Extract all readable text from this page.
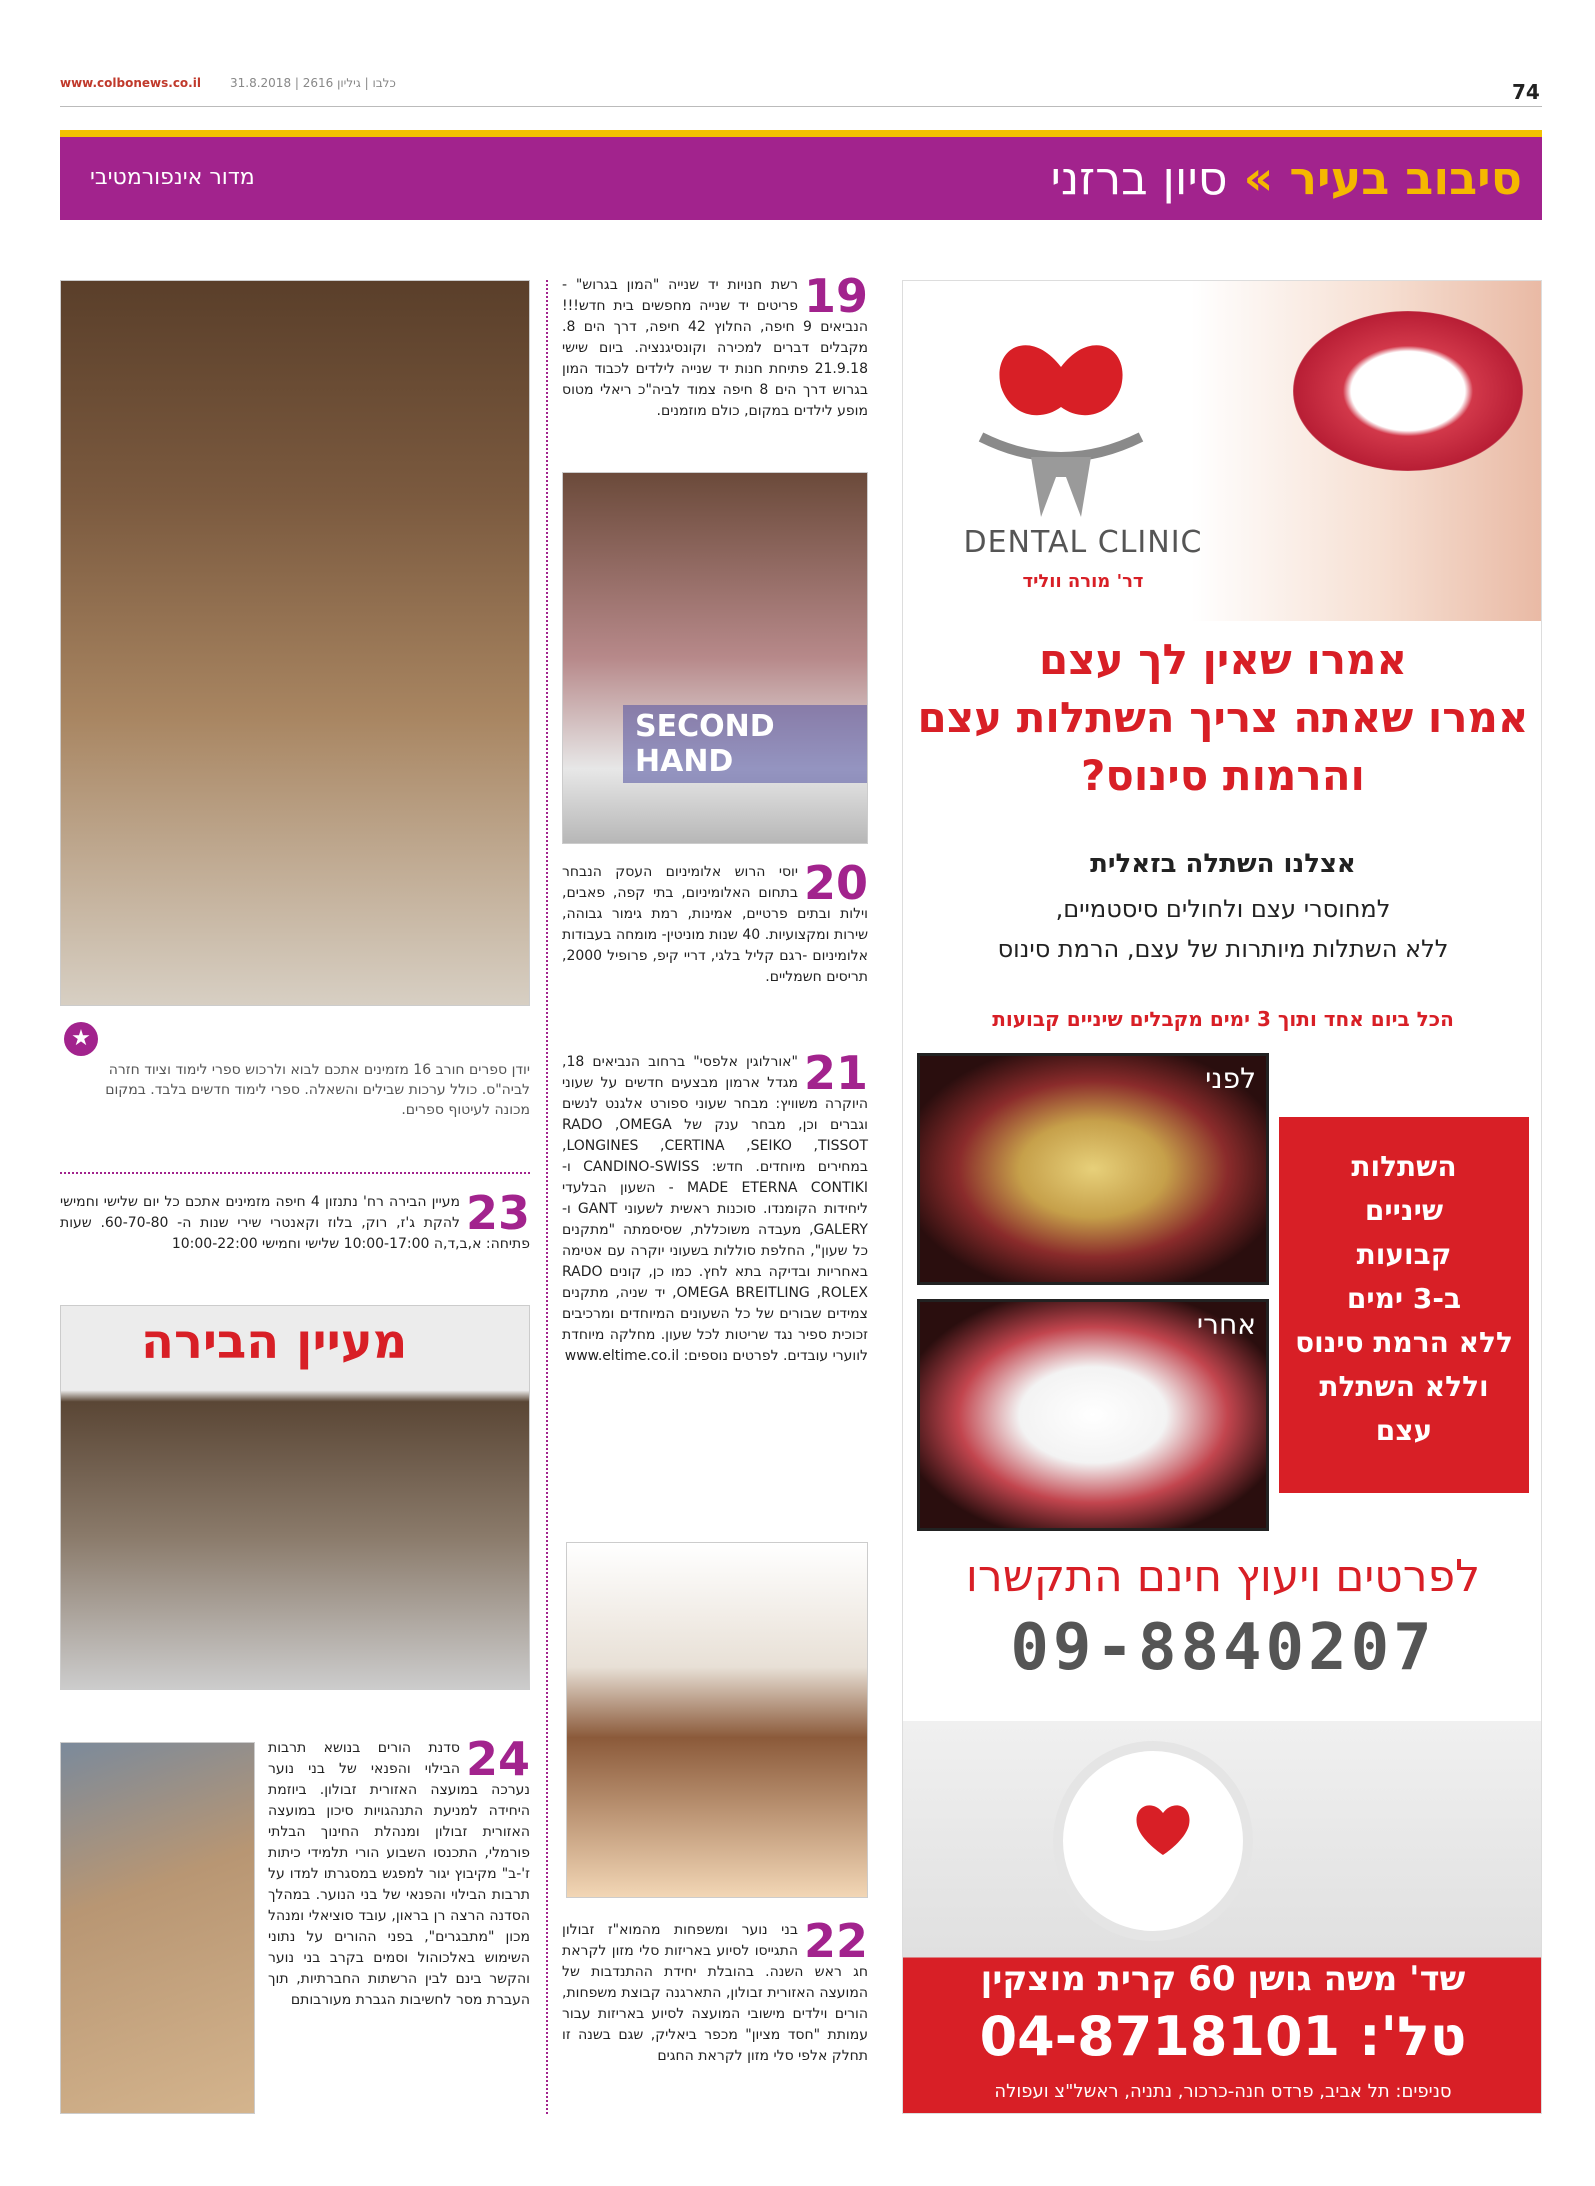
www.colbonews.co.il כלבו | גיליון 2616 | 31.8.2018	74
סיבוב בעיר » סיון ברזני
מדור אינפורמטיבי
★
יודן ספרים חורב 16 מזמינים אתכם לבוא ולרכוש ספרי לימוד וציוד חזרה לביה"ס. כולל ערכות שבילים והשאלה. ספרי לימוד חדשים בלבד. במקום מכונה לעיטוף ספרים.
SECOND HAND
מעיין הבירה
19
רשת חנויות יד שנייה "המון בגרוש" -פריטים יד שנייה מחפשים בית חדש!!! הנביאים 9 חיפה, החלוץ 42 חיפה, דרך הים 8. מקבלים דברים למכירה וקונסיגנציה. ביום שישי 21.9.18 פתיחת חנות יד שנייה לילדים לכבוד המון בגרוש דרך הים 8 חיפה צמוד לביה"כ ריאלי מטוס מופע לילדים במקום, כולם מוזמנים.
20
יוסי הרוש אלומיניום העסק הנבחר בתחום האלומיניום, בתי קפה, פאבים, וילות ובתים פרטיים, אמינות, רמת גימור גבוהה, שירות ומקצועיות. 40 שנות מוניטין- מומחה בעבודות אלומיניום -רגם קליל בלגי, דריי קיפ, פרופיל 2000, תריסים חשמליים.
21
"אורלוגין אלפסי" ברחוב הנביאים 18, מגדל ארמון מבצעים חדשים על שעוני היוקרה משוויץ: מבחר שעוני ספורט אלגנט לנשים וגברים וכן, מבחר ענק של RADO ,OMEGA ,LONGINES ,CERTINA ,SEIKO ,TISSOT במחירים מיוחדים. חדש: CANDINO-SWISS ו- MADE ETERNA CONTIKI - השעון הבלעדי ליחידות הקומנדו. סוכנות ראשית לשעוני GANT ו- GALERY, מעבדה משוכללת, שסיסמתה "מתקנים כל שעון", החלפת סוללות בשעוני יוקרה עם אטימה באחריות ובדיקה בתא לחץ. כמו כן, קונים RADO ,OMEGA BREITLING ,ROLEX יד שניה, מתקנים צמידים שבורים של כל השעונים המיוחדים ומרכיבים זכוכית ספיר נגד שריטות לכל שעון. מחלקה מיוחדת לווערי עובדים. לפרטים נוספים: www.eltime.co.il
22
בני נוער ומשפחות מהמוא"ז זבולון התגייסו לסיוע באריזות סלי מזון לקראת חג ראש השנה. בהובלת יחידת ההתנדבות של המועצה האזורית זבולון, התארגנה קבוצת משפחות, הורים וילדים מישובי המועצה לסיוע באריזות עבור עמותת "חסד מציון" מכפר ביאליק, שגם בשנה זו תחלק אלפי סלי מזון לקראת החגים
23
מעיין הבירה רח' נתנזון 4 חיפה מזמינים אתכם כל יום שלישי וחמישי להקת ג'ז, רוק, בלוז וקאנטרי שירי שנות ה- 60-70-80. שעות פתיחה: א,ב,ד,ה 10:00-17:00 שלישי וחמישי 10:00-22:00
24
סדנת הורים בנושא תרבות הבילוי והפנאי של בני נוער נערכה במועצה האזורית זבולון. ביוזמת היחידה למניעת התנהגויות סיכון במועצה האזורית זבולון ומנהלת החינוך הבלתי פורמלי, התכנסו השבוע הורי תלמידי כיתות ז'-ב" מקיבוץ יגור למפגש במסגרתו למדו על תרבות הבילוי והפנאי של בני הנוער. במהלך הסדנה הרצה רן בראון, עובד סוציאלי ומנהל מכון "מתבגרים", בפני ההורים על נתוני השימוש באלכוהול וסמים בקרב בני נוער והקשר בינם לבין הרשתות החברתיות, תוך העברת מסר לחשיבות הגברת מעורבותם
DENTAL CLINIC
דר' מורה ווליד
אמרו שאין לך עצם
אמרו שאתה צריך השתלות עצם
והרמות סינוס?
אצלנו השתלה בזאלית
למחוסרי עצם ולחולים סיסטמיים,
ללא השתלות מיותרות של עצם, הרמת סינוס
הכל ביום אחד ותוך 3 ימים מקבלים שיניים קבועות
לפני
אחרי
השתלות
שיניים
קבועות
ב-3 ימים
ללא הרמת סינוס
וללא השתלת
עצם
לפרטים ויעוץ חינם התקשרו
09-8840207
שד' משה גושן 60 קרית מוצקין
טל': 04-8718101
סניפים: תל אביב, פרדס חנה-כרכור, נתניה, ראשל"צ ועפולה
